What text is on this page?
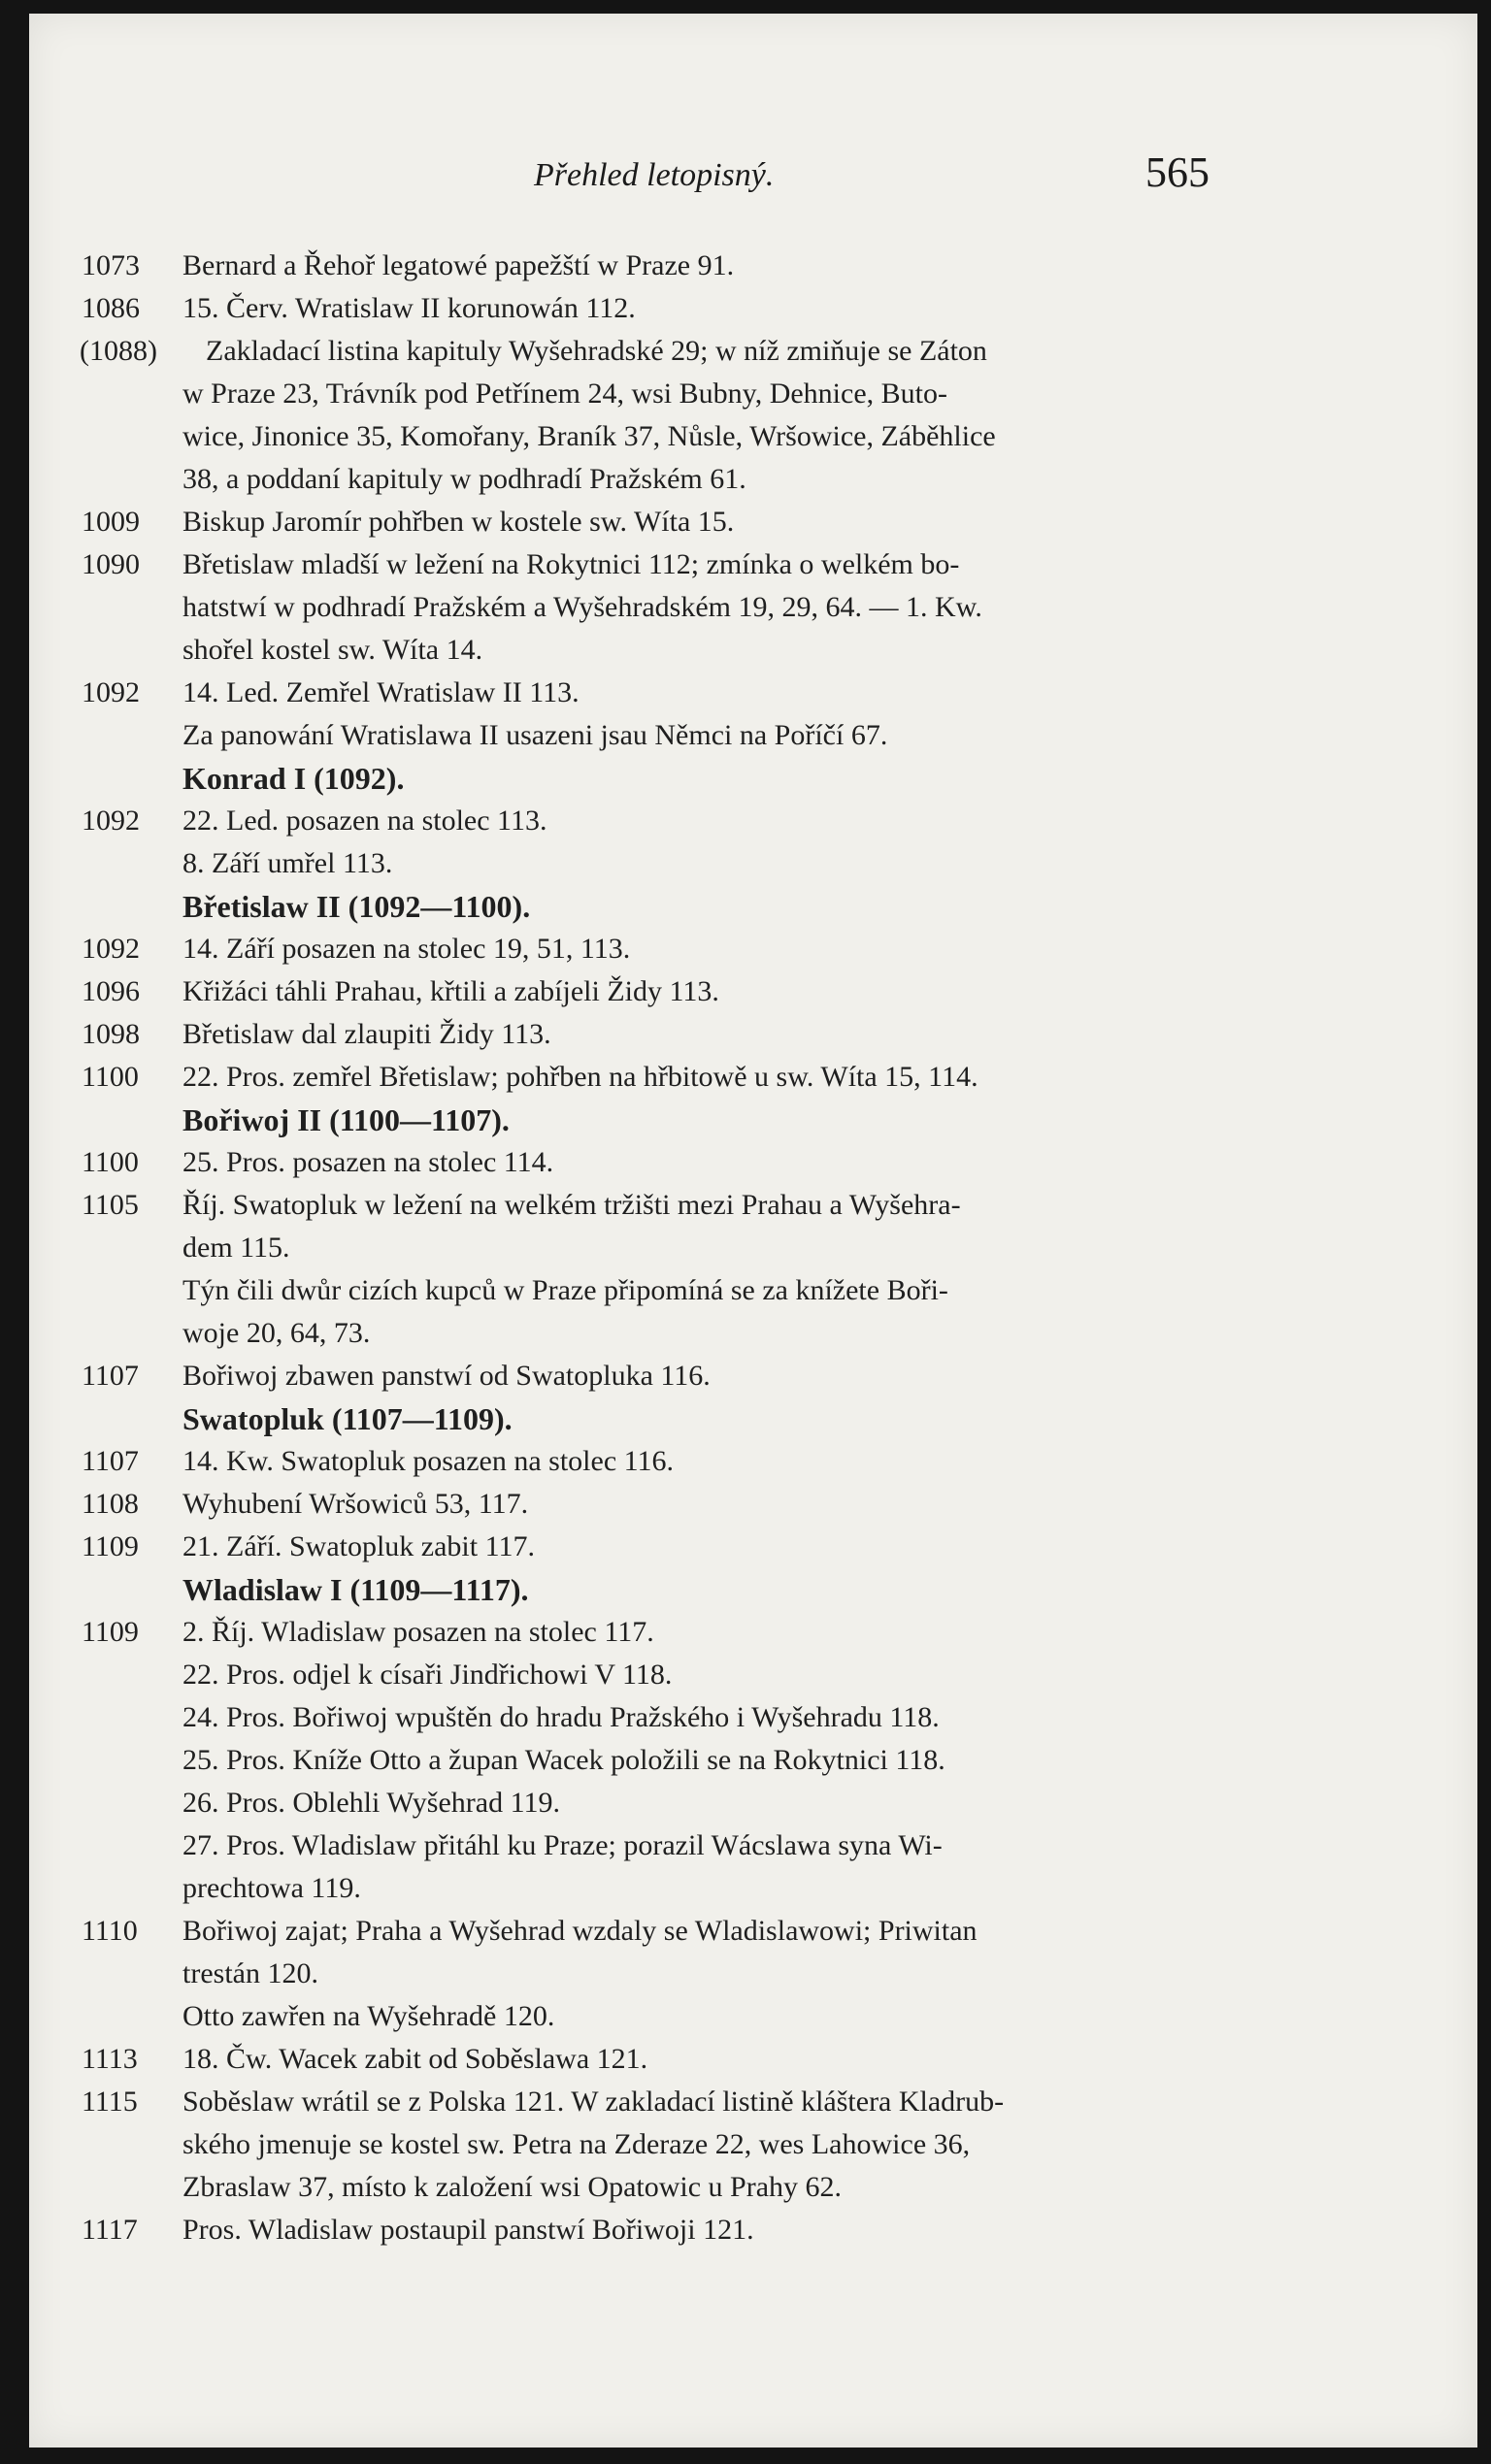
Přehled letopisný.	565
1073 Bernard a Řehoř legatowé papežští w Praze 91.
1086 15. Červ. Wratislaw II korunowán 112.
(1088) Zakladací listina kapituly Wyšehradské 29; w níž zmiňuje se Záton
w Praze 23, Trávník pod Petřínem 24, wsi Bubny, Dehnice, Buto-
wice, Jinonice 35, Komořany, Braník 37, Nůsle, Wršowice, Záběhlice
38, a poddaní kapituly w podhradí Pražském 61.
1009 Biskup Jaromír pohřben w kostele sw. Wíta 15.
1090 Břetislaw mladší w ležení na Rokytnici 112; zmínka o welkém bo-
hatstwí w podhradí Pražském a Wyšehradském 19, 29, 64. — 1. Kw.
shořel kostel sw. Wíta 14.
1092 14. Led. Zemřel Wratislaw II 113.
Za panowání Wratislawa II usazeni jsau Němci na Poříčí 67.
Konrad I (1092).
1092 22. Led. posazen na stolec 113.
8. Září umřel 113.
Břetislaw II (1092—1100).
1092 14. Září posazen na stolec 19, 51, 113.
1096 Křižáci táhli Prahau, křtili a zabíjeli Židy 113.
1098 Břetislaw dal zlaupiti Židy 113.
1100 22. Pros. zemřel Břetislaw; pohřben na hřbitowě u sw. Wíta 15, 114.
Bořiwoj II (1100—1107).
1100 25. Pros. posazen na stolec 114.
1105 Říj. Swatopluk w ležení na welkém tržišti mezi Prahau a Wyšehra-
dem 115.
Týn čili dwůr cizích kupců w Praze připomíná se za knížete Boři-
woje 20, 64, 73.
1107 Bořiwoj zbawen panstwí od Swatopluka 116.
Swatopluk (1107—1109).
1107 14. Kw. Swatopluk posazen na stolec 116.
1108 Wyhubení Wršowiců 53, 117.
1109 21. Září. Swatopluk zabit 117.
Wladislaw I (1109—1117).
1109 2. Říj. Wladislaw posazen na stolec 117.
22. Pros. odjel k císaři Jindřichowi V 118.
24. Pros. Bořiwoj wpuštěn do hradu Pražského i Wyšehradu 118.
25. Pros. Kníže Otto a župan Wacek položili se na Rokytnici 118.
26. Pros. Oblehli Wyšehrad 119.
27. Pros. Wladislaw přitáhl ku Praze; porazil Wácslawa syna Wi-
prechtowa 119.
1110 Bořiwoj zajat; Praha a Wyšehrad wzdaly se Wladislawowi; Priwitan
trestán 120.
Otto zawřen na Wyšehradě 120.
1113 18. Čw. Wacek zabit od Soběslawa 121.
1115 Soběslaw wrátil se z Polska 121. W zakladací listině kláštera Kladrub-
ského jmenuje se kostel sw. Petra na Zderaze 22, wes Lahowice 36,
Zbraslaw 37, místo k založení wsi Opatowic u Prahy 62.
1117 Pros. Wladislaw postaupil panstwí Bořiwoji 121.
